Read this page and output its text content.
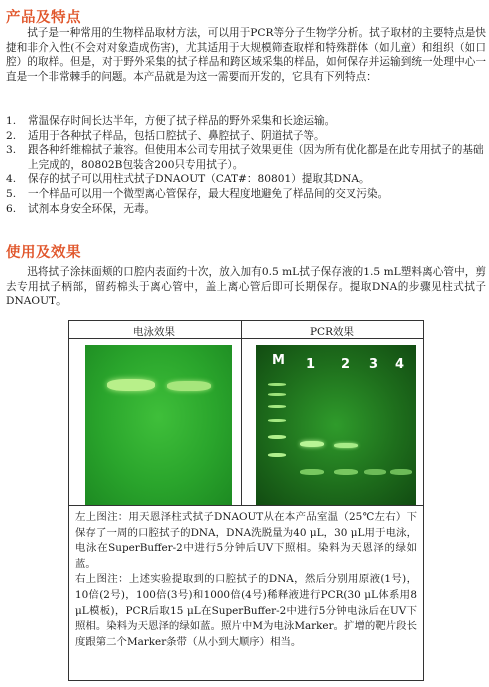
产品及特点

拭子是一种常用的生物样品取材方法，可以用于PCR等分子生物学分析。拭子取材的主要特点是快捷和非介入性(不会对对象造成伤害)，尤其适用于大规模筛查取样和特殊群体（如儿童）和组织（如口腔）的取样。但是，对于野外采集的拭子样品和跨区域采集的样品，如何保存并运输到统一处理中心一直是一个非常棘手的问题。本产品就是为这一需要而开发的，它具有下列特点：

1. 常温保存时间长达半年，方便了拭子样品的野外采集和长途运输。
2. 适用于各种拭子样品，包括口腔拭子、鼻腔拭子、阴道拭子等。
3. 跟各种纤维棉拭子兼容。但使用本公司专用拭子效果更佳（因为所有优化都是在此专用拭子的基础上完成的，80802B包装含200只专用拭子）。
4. 保存的拭子可以用柱式拭子DNAOUT（CAT#：80801）提取其DNA。
5. 一个样品可以用一个微型离心管保存，最大程度地避免了样品间的交叉污染。
6. 试剂本身安全环保，无毒。
使用及效果

迅将拭子涂抹面颊的口腔内表面约十次，放入加有0.5 mL拭子保存液的1.5 mL塑料离心管中，剪去专用拭子柄部，留药棉头于离心管中，盖上离心管后即可长期保存。提取DNA的步骤见柱式拭子DNAOUT。

电泳效果	PCR效果
M 1 2 3 4

左上图注：用天恩泽柱式拭子DNAOUT从在本产品室温（25℃左右）下保存了一周的口腔拭子的DNA，DNA洗脱量为40 μL，30 μL用于电泳，电泳在SuperBuffer-2中进行5分钟后UV下照相。染料为天恩泽的绿如蓝。

右上图注：上述实验提取到的口腔拭子的DNA，然后分别用原液(1号)，10倍(2号)，100倍(3号)和1000倍(4号)稀释液进行PCR(30 μL体系用8 μL模板)，PCR后取15 μL在SuperBuffer-2中进行5分钟电泳后在UV下照相。染料为天恩泽的绿如蓝。照片中M为电泳Marker。扩增的靶片段长度跟第二个Marker条带（从小到大顺序）相当。
